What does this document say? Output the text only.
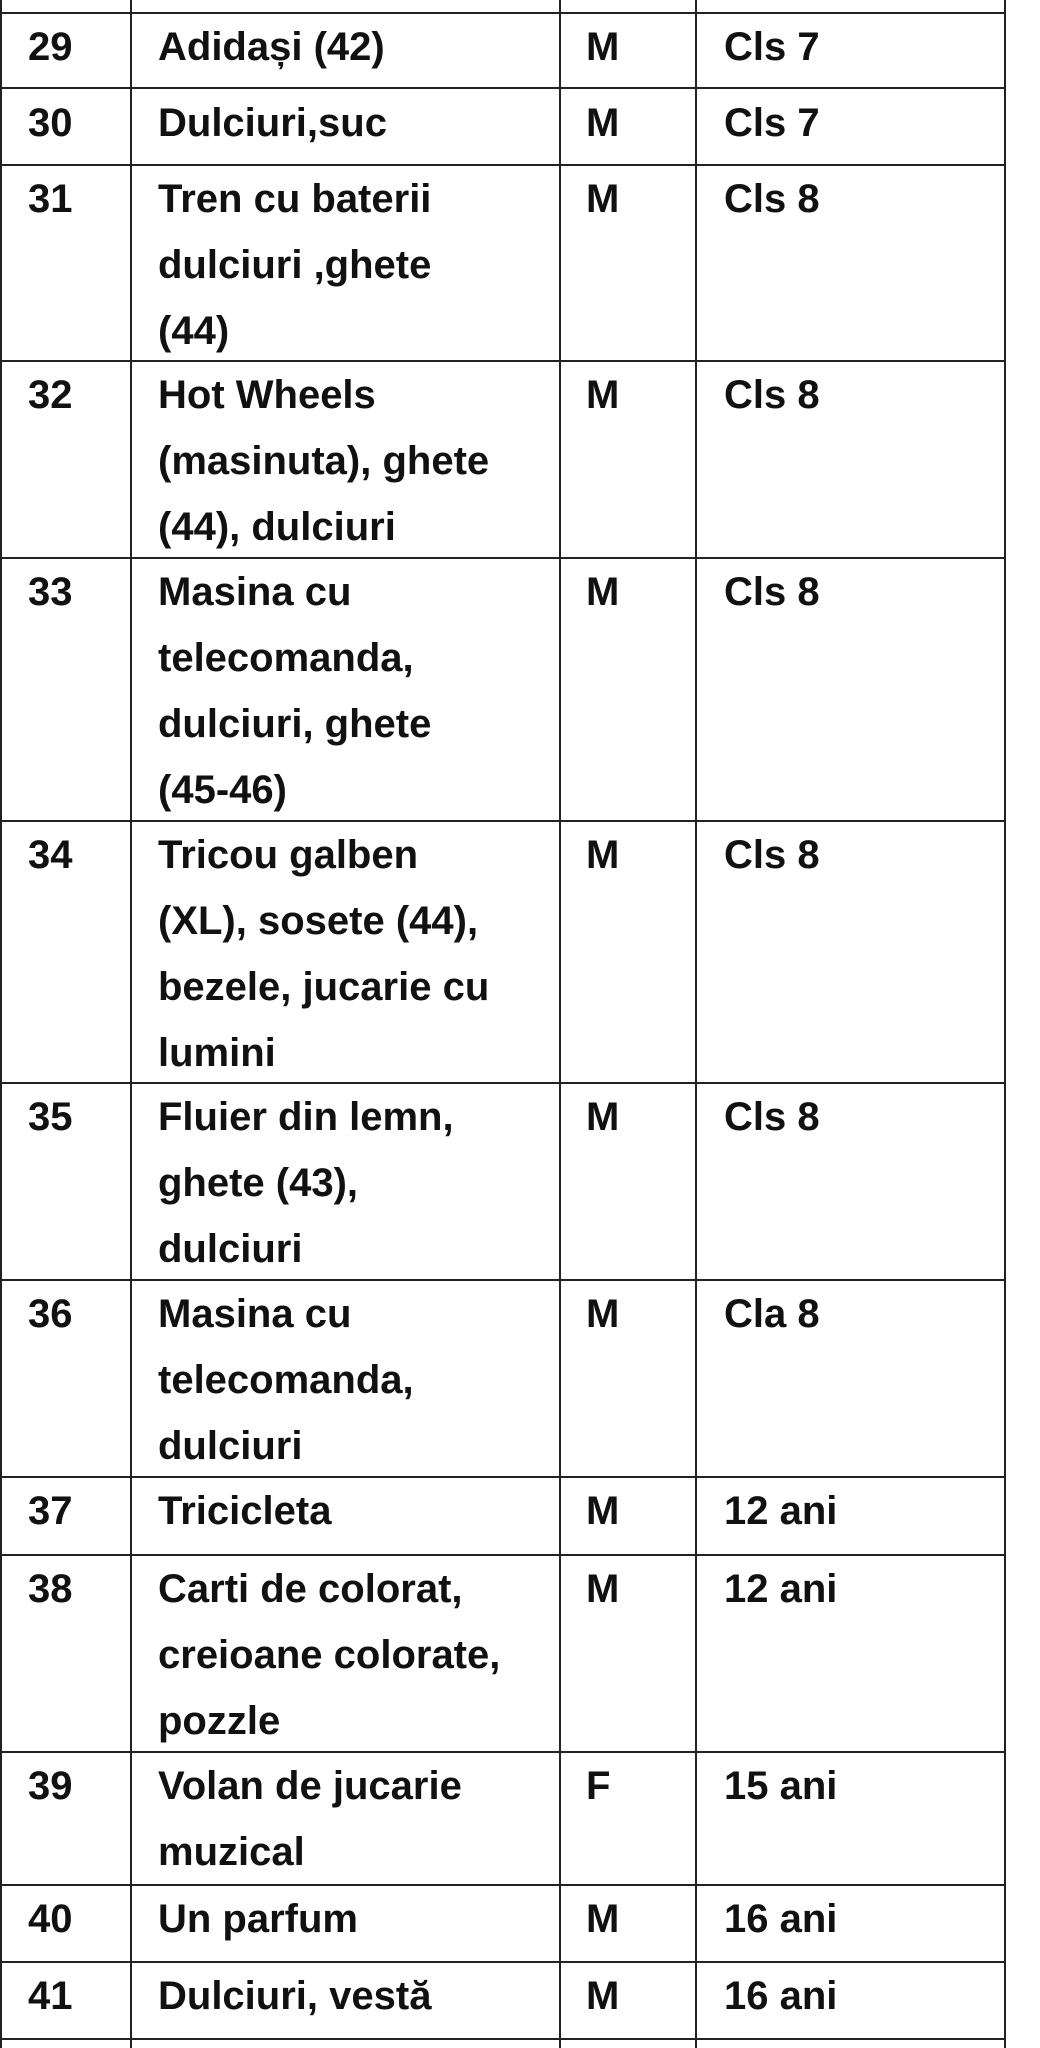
29	Adidași (42)	M	Cls 7
30	Dulciuri,suc	M	Cls 7
31	Tren cu baterii
dulciuri ,ghete
(44)
M	Cls 8
32	Hot Wheels
(masinuta), ghete
(44), dulciuri
M	Cls 8
33	Masina cu
telecomanda,
dulciuri, ghete
(45-46)
M	Cls 8
34	Tricou galben
(XL), sosete (44),
bezele, jucarie cu
lumini
M	Cls 8
35	Fluier din lemn,
ghete (43),
dulciuri
M	Cls 8
36	Masina cu
telecomanda,
dulciuri
M	Cla 8
37	Tricicleta	M	12 ani
38	Carti de colorat,
creioane colorate,
pozzle
M	12 ani
39	Volan de jucarie
muzical
F	15 ani
40	Un parfum	M	16 ani
41	Dulciuri, vestă	M	16 ani
